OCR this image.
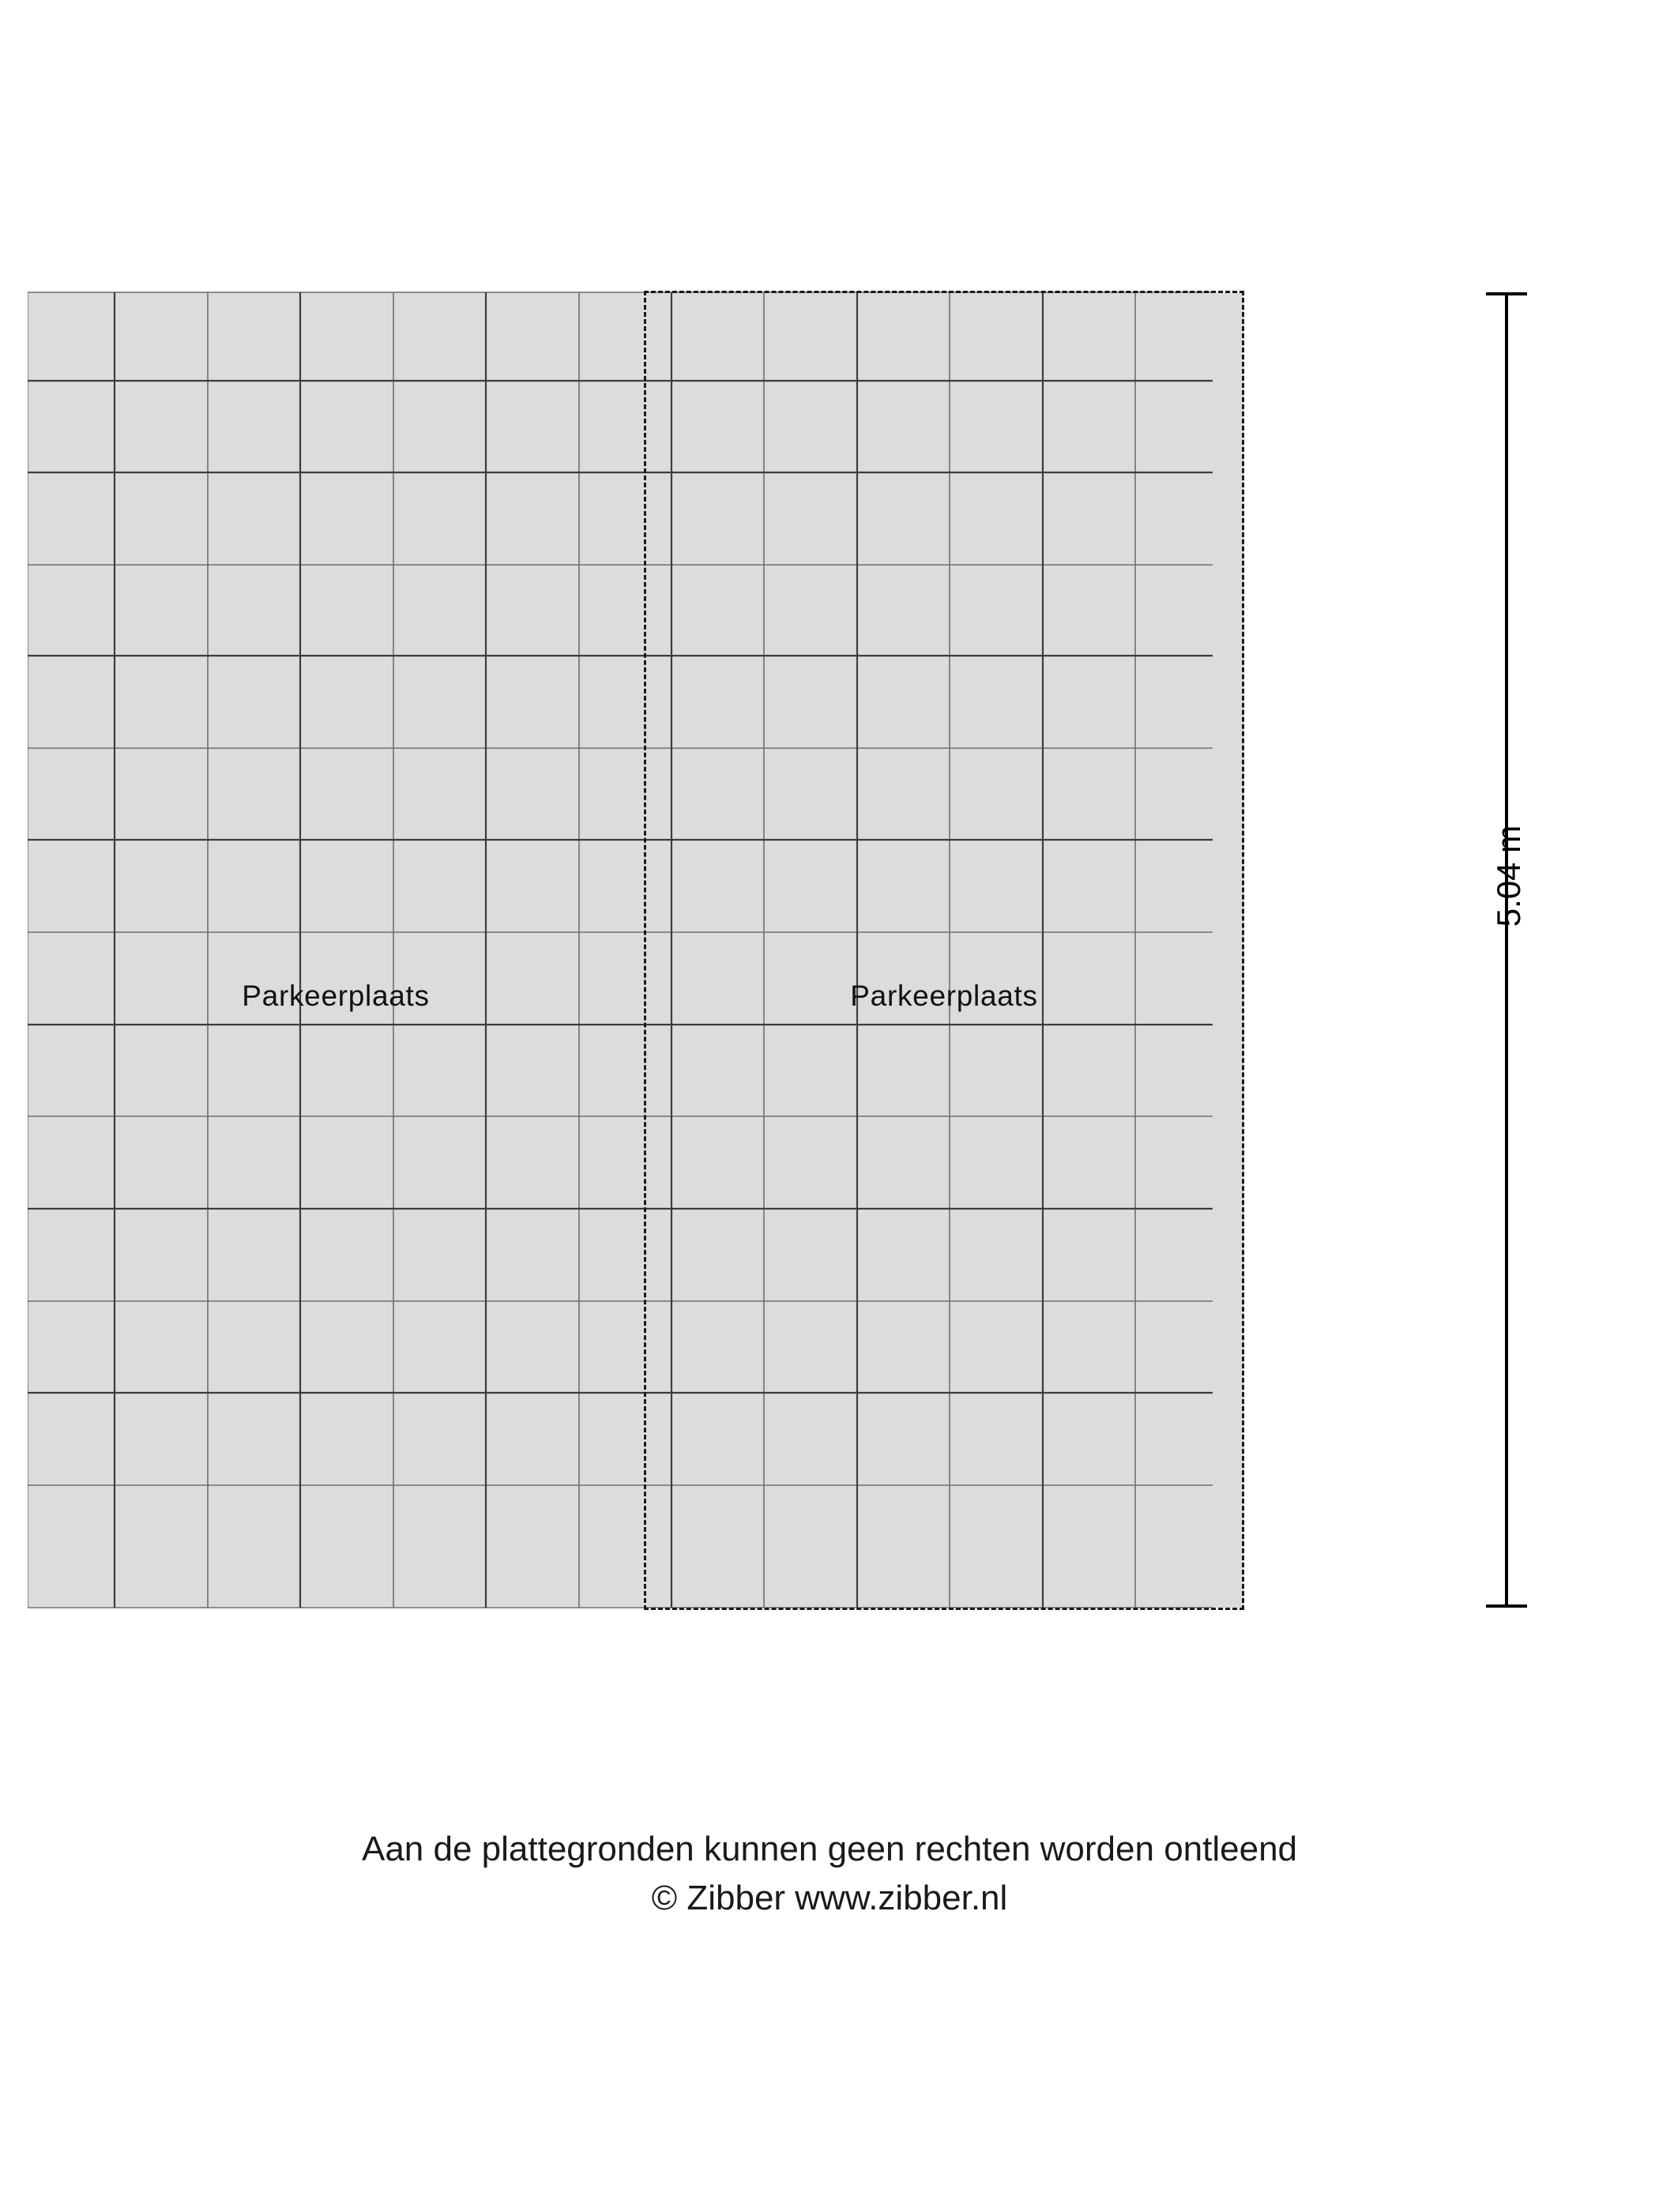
Parkeerplaats	Parkeerplaats
5.04 m
Aan de plattegronden kunnen geen rechten worden ontleend
© Zibber www.zibber.nl
